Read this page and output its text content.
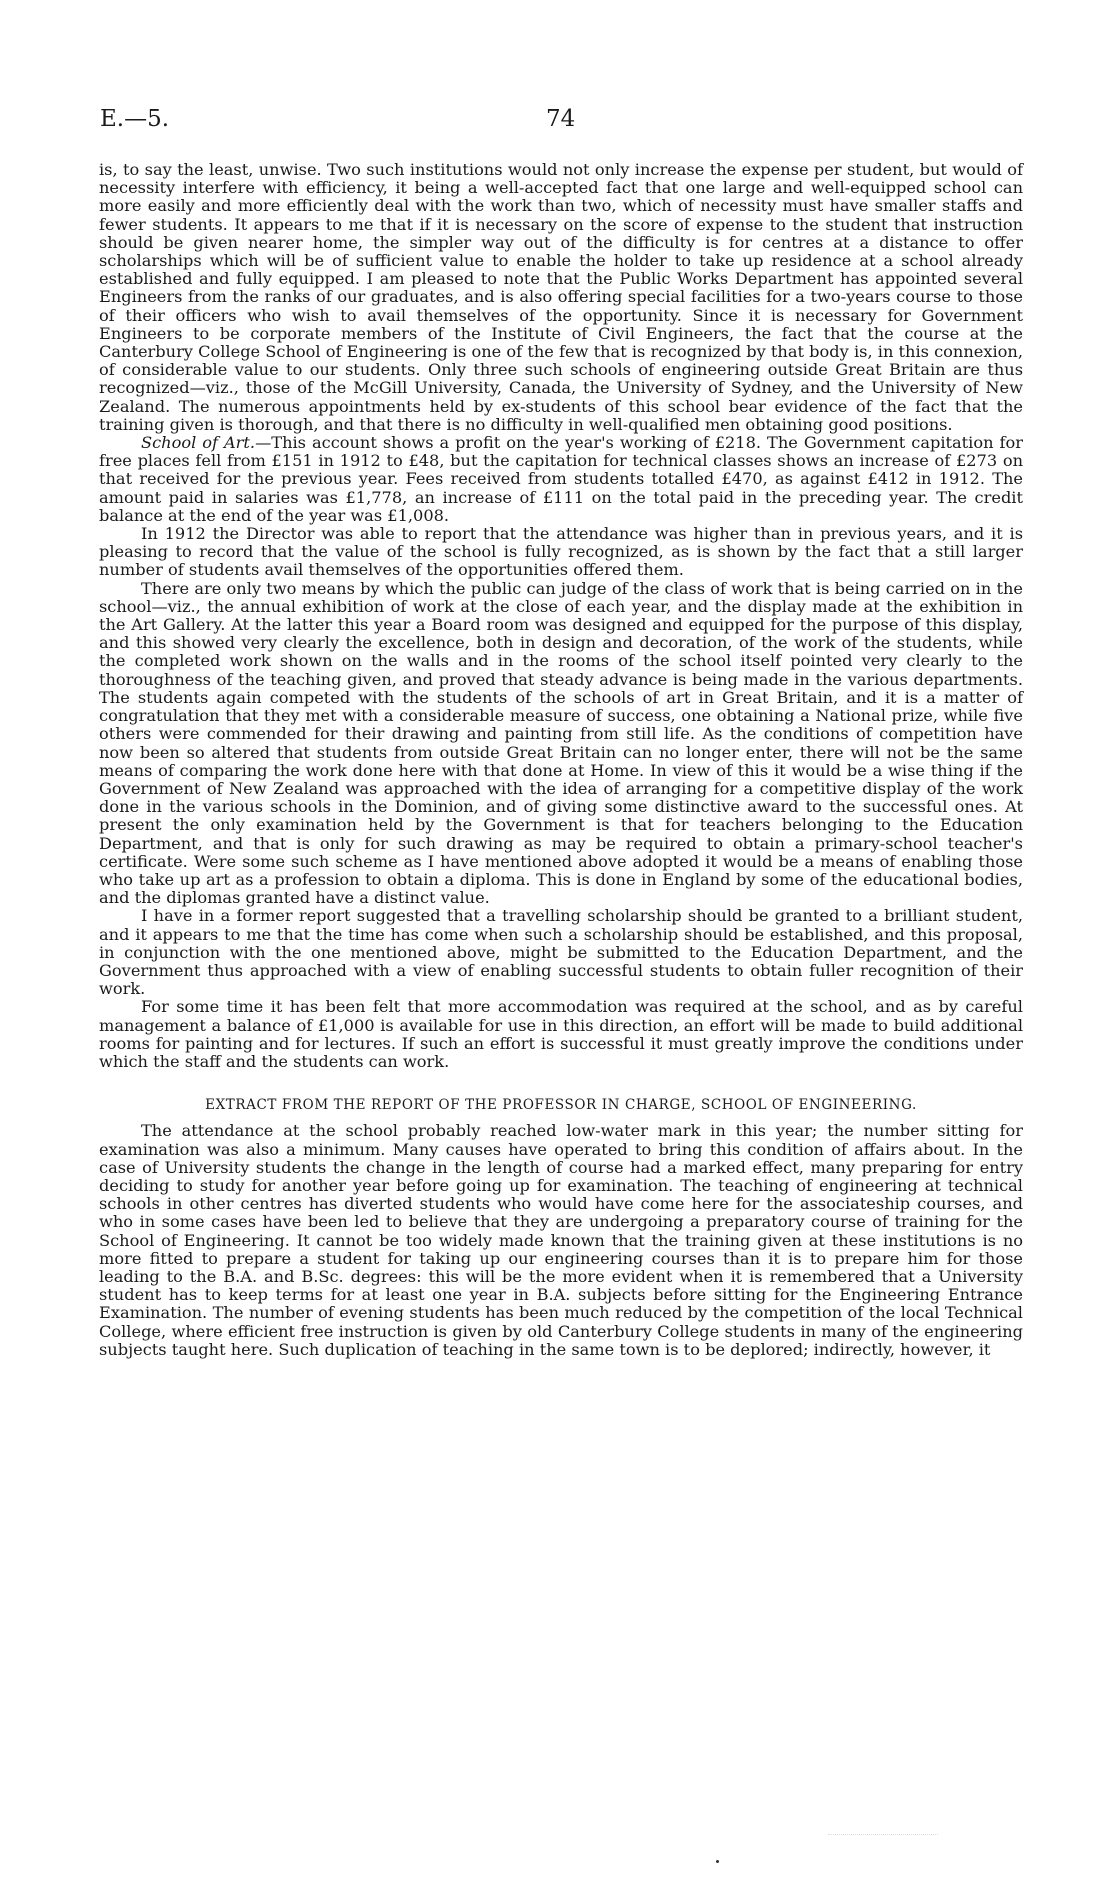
E.—5.	74

is, to say the least, unwise. Two such institutions would not only increase the expense per student, but would of necessity interfere with efficiency, it being a well-accepted fact that one large and well-equipped school can more easily and more efficiently deal with the work than two, which of necessity must have smaller staffs and fewer students. It appears to me that if it is necessary on the score of expense to the student that instruction should be given nearer home, the simpler way out of the difficulty is for centres at a distance to offer scholarships which will be of sufficient value to enable the holder to take up residence at a school already established and fully equipped. I am pleased to note that the Public Works Department has appointed several Engineers from the ranks of our graduates, and is also offering special facilities for a two-years course to those of their officers who wish to avail themselves of the opportunity. Since it is necessary for Government Engineers to be corporate members of the Institute of Civil Engineers, the fact that the course at the Canterbury College School of Engineering is one of the few that is recognized by that body is, in this connexion, of considerable value to our students. Only three such schools of engineering outside Great Britain are thus recognized—viz., those of the McGill University, Canada, the University of Sydney, and the University of New Zealand. The numerous appointments held by ex-students of this school bear evidence of the fact that the training given is thorough, and that there is no difficulty in well-qualified men obtaining good positions.

School of Art.—This account shows a profit on the year's working of £218. The Government capitation for free places fell from £151 in 1912 to £48, but the capitation for technical classes shows an increase of £273 on that received for the previous year. Fees received from students totalled £470, as against £412 in 1912. The amount paid in salaries was £1,778, an increase of £111 on the total paid in the preceding year. The credit balance at the end of the year was £1,008.

In 1912 the Director was able to report that the attendance was higher than in previous years, and it is pleasing to record that the value of the school is fully recognized, as is shown by the fact that a still larger number of students avail themselves of the opportunities offered them.

There are only two means by which the public can judge of the class of work that is being carried on in the school—viz., the annual exhibition of work at the close of each year, and the display made at the exhibition in the Art Gallery. At the latter this year a Board room was designed and equipped for the purpose of this display, and this showed very clearly the excellence, both in design and decoration, of the work of the students, while the completed work shown on the walls and in the rooms of the school itself pointed very clearly to the thoroughness of the teaching given, and proved that steady advance is being made in the various departments. The students again competed with the students of the schools of art in Great Britain, and it is a matter of congratulation that they met with a considerable measure of success, one obtaining a National prize, while five others were commended for their drawing and painting from still life. As the conditions of competition have now been so altered that students from outside Great Britain can no longer enter, there will not be the same means of comparing the work done here with that done at Home. In view of this it would be a wise thing if the Government of New Zealand was approached with the idea of arranging for a competitive display of the work done in the various schools in the Dominion, and of giving some distinctive award to the successful ones. At present the only examination held by the Government is that for teachers belonging to the Education Department, and that is only for such drawing as may be required to obtain a primary-school teacher's certificate. Were some such scheme as I have mentioned above adopted it would be a means of enabling those who take up art as a profession to obtain a diploma. This is done in England by some of the educational bodies, and the diplomas granted have a distinct value.

I have in a former report suggested that a travelling scholarship should be granted to a brilliant student, and it appears to me that the time has come when such a scholarship should be established, and this proposal, in conjunction with the one mentioned above, might be submitted to the Education Department, and the Government thus approached with a view of enabling successful students to obtain fuller recognition of their work.

For some time it has been felt that more accommodation was required at the school, and as by careful management a balance of £1,000 is available for use in this direction, an effort will be made to build additional rooms for painting and for lectures. If such an effort is successful it must greatly improve the conditions under which the staff and the students can work.

EXTRACT FROM THE REPORT OF THE PROFESSOR IN CHARGE, SCHOOL OF ENGINEERING.

The attendance at the school probably reached low-water mark in this year; the number sitting for examination was also a minimum. Many causes have operated to bring this condition of affairs about. In the case of University students the change in the length of course had a marked effect, many preparing for entry deciding to study for another year before going up for examination. The teaching of engineering at technical schools in other centres has diverted students who would have come here for the associateship courses, and who in some cases have been led to believe that they are undergoing a preparatory course of training for the School of Engineering. It cannot be too widely made known that the training given at these institutions is no more fitted to prepare a student for taking up our engineering courses than it is to prepare him for those leading to the B.A. and B.Sc. degrees: this will be the more evident when it is remembered that a University student has to keep terms for at least one year in B.A. subjects before sitting for the Engineering Entrance Examination. The number of evening students has been much reduced by the competition of the local Technical College, where efficient free instruction is given by old Canterbury College students in many of the engineering subjects taught here. Such duplication of teaching in the same town is to be deplored; indirectly, however, it
